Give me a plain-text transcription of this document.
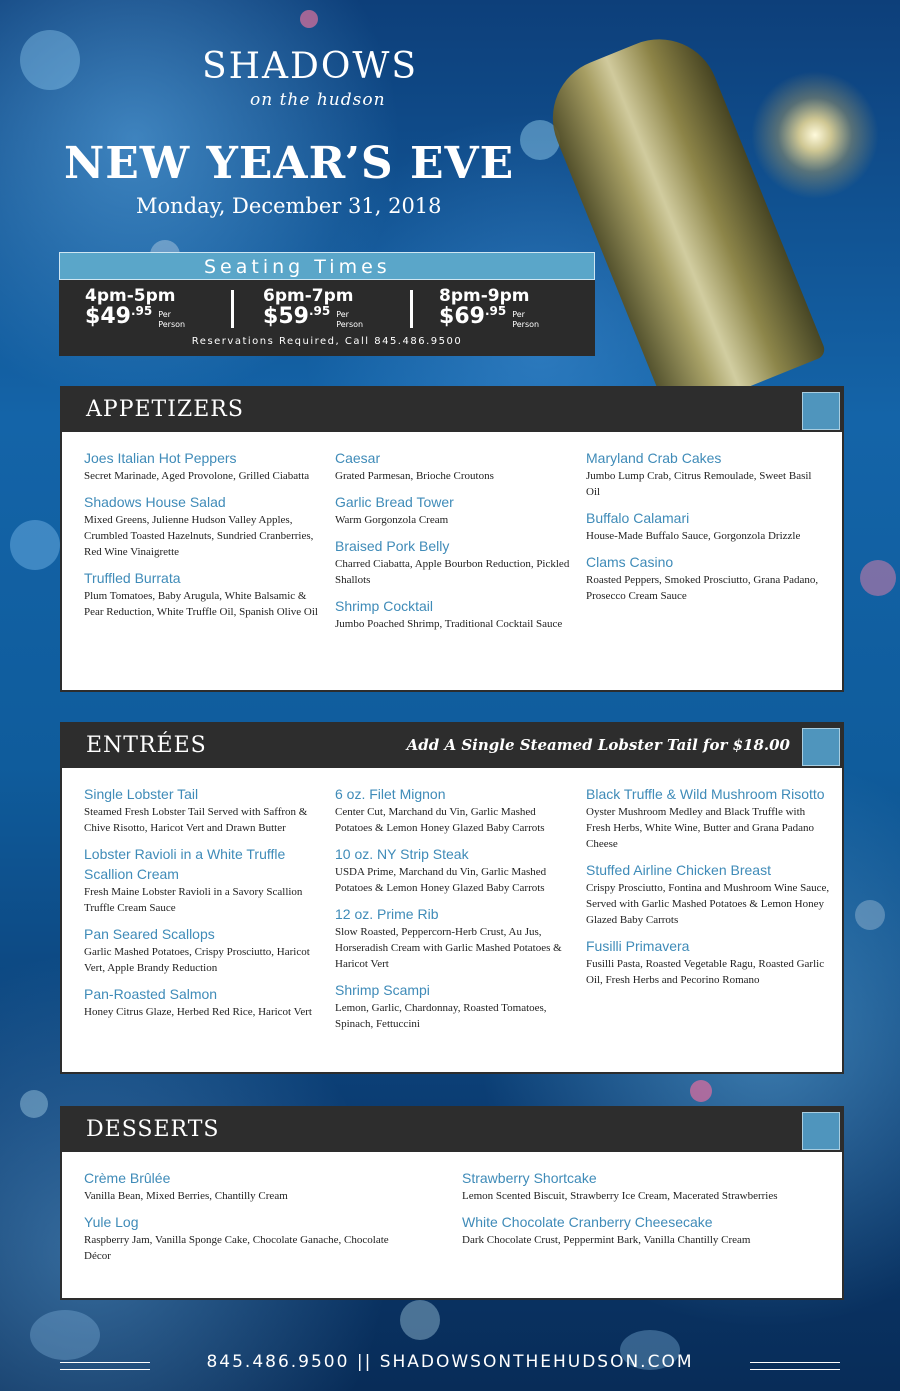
SHADOWS
on the hudson
NEW YEAR’S EVE
Monday, December 31, 2018
Seating Times
4pm-5pm
$\$49^{.95}$ Per
Person
6pm-7pm
$\$59^{.95}$ Per
Person
8pm-9pm
$\$69^{.95}$ Per
Person
Reservations Required, Call 845.486.9500
APPETIZERS
Joes Italian Hot Peppers
Secret Marinade, Aged Provolone, Grilled Ciabatta
Shadows House Salad
Mixed Greens, Julienne Hudson Valley Apples, Crumbled Toasted Hazelnuts, Sundried Cranberries, Red Wine Vinaigrette
Truffled Burrata
Plum Tomatoes, Baby Arugula, White Balsamic & Pear Reduction, White Truffle Oil, Spanish Olive Oil
Caesar
Grated Parmesan, Brioche Croutons
Garlic Bread Tower
Warm Gorgonzola Cream
Braised Pork Belly
Charred Ciabatta, Apple Bourbon Reduction, Pickled Shallots
Shrimp Cocktail
Jumbo Poached Shrimp, Traditional Cocktail Sauce
Maryland Crab Cakes
Jumbo Lump Crab, Citrus Remoulade, Sweet Basil Oil
Buffalo Calamari
House-Made Buffalo Sauce, Gorgonzola Drizzle
Clams Casino
Roasted Peppers, Smoked Prosciutto, Grana Padano, Prosecco Cream Sauce
ENTRÉES	Add A Single Steamed Lobster Tail for $18.00
Single Lobster Tail
Steamed Fresh Lobster Tail Served with Saffron & Chive Risotto, Haricot Vert and Drawn Butter
Lobster Ravioli in a White Truffle Scallion Cream
Fresh Maine Lobster Ravioli in a Savory Scallion Truffle Cream Sauce
Pan Seared Scallops
Garlic Mashed Potatoes, Crispy Prosciutto, Haricot Vert, Apple Brandy Reduction
Pan-Roasted Salmon
Honey Citrus Glaze, Herbed Red Rice, Haricot Vert
6 oz. Filet Mignon
Center Cut, Marchand du Vin, Garlic Mashed Potatoes & Lemon Honey Glazed Baby Carrots
10 oz. NY Strip Steak
USDA Prime, Marchand du Vin, Garlic Mashed Potatoes & Lemon Honey Glazed Baby Carrots
12 oz. Prime Rib
Slow Roasted, Peppercorn-Herb Crust, Au Jus, Horseradish Cream with Garlic Mashed Potatoes & Haricot Vert
Shrimp Scampi
Lemon, Garlic, Chardonnay, Roasted Tomatoes, Spinach, Fettuccini
Black Truffle & Wild Mushroom Risotto
Oyster Mushroom Medley and Black Truffle with Fresh Herbs, White Wine, Butter and Grana Padano Cheese
Stuffed Airline Chicken Breast
Crispy Prosciutto, Fontina and Mushroom Wine Sauce, Served with Garlic Mashed Potatoes & Lemon Honey Glazed Baby Carrots
Fusilli Primavera
Fusilli Pasta, Roasted Vegetable Ragu, Roasted Garlic Oil, Fresh Herbs and Pecorino Romano
DESSERTS
Crème Brûlée
Vanilla Bean, Mixed Berries, Chantilly Cream
Yule Log
Raspberry Jam, Vanilla Sponge Cake, Chocolate Ganache, Chocolate Décor
Strawberry Shortcake
Lemon Scented Biscuit, Strawberry Ice Cream, Macerated Strawberries
White Chocolate Cranberry Cheesecake
Dark Chocolate Crust, Peppermint Bark, Vanilla Chantilly Cream
845.486.9500 || SHADOWSONTHEHUDSON.COM
